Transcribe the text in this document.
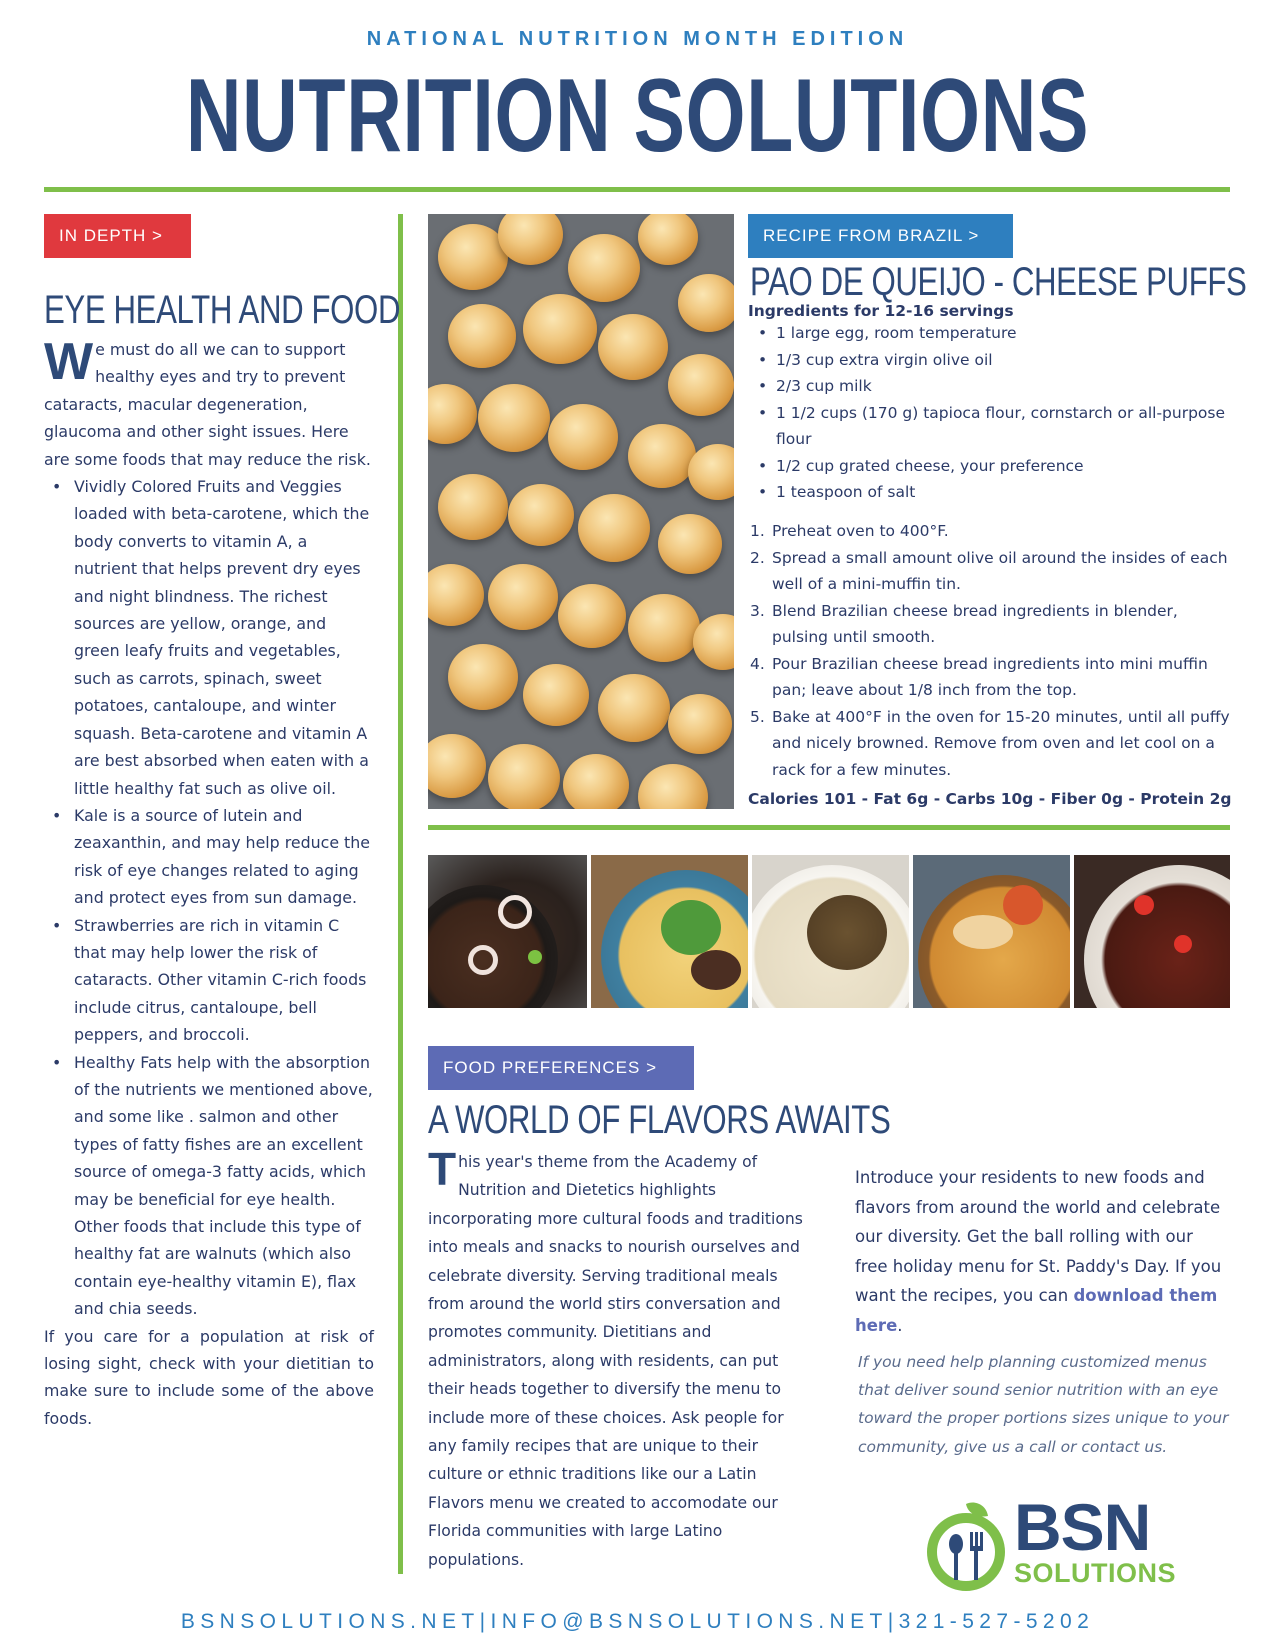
NATIONAL NUTRITION MONTH EDITION
NUTRITION SOLUTIONS
IN DEPTH >
EYE HEALTH AND FOOD

We must do all we can to support healthy eyes and try to prevent cataracts, macular degeneration, glaucoma and other sight issues. Here are some foods that may reduce the risk.

• Vividly Colored Fruits and Veggies loaded with beta-carotene, which the body converts to vitamin A, a nutrient that helps prevent dry eyes and night blindness. The richest sources are yellow, orange, and green leafy fruits and vegetables, such as carrots, spinach, sweet potatoes, cantaloupe, and winter squash. Beta-carotene and vitamin A are best absorbed when eaten with a little healthy fat such as olive oil.
• Kale is a source of lutein and zeaxanthin, and may help reduce the risk of eye changes related to aging and protect eyes from sun damage.
• Strawberries are rich in vitamin C that may help lower the risk of cataracts. Other vitamin C-rich foods include citrus, cantaloupe, bell peppers, and broccoli.
• Healthy Fats help with the absorption of the nutrients we mentioned above, and some like . salmon and other types of fatty fishes are an excellent source of omega-3 fatty acids, which may be beneficial for eye health. Other foods that include this type of healthy fat are walnuts (which also contain eye-healthy vitamin E), flax and chia seeds.

If you care for a population at risk of losing sight, check with your dietitian to make sure to include some of the above foods.

RECIPE FROM BRAZIL >
PAO DE QUEIJO - CHEESE PUFFS
Ingredients for 12-16 servings
• 1 large egg, room temperature
• 1/3 cup extra virgin olive oil
• 2/3 cup milk
• 1 1/2 cups (170 g) tapioca flour, cornstarch or all-purpose flour
• 1/2 cup grated cheese, your preference
• 1 teaspoon of salt
1. Preheat oven to 400°F.
2. Spread a small amount olive oil around the insides of each well of a mini-muffin tin.
3. Blend Brazilian cheese bread ingredients in blender, pulsing until smooth.
4. Pour Brazilian cheese bread ingredients into mini muffin pan; leave about 1/8 inch from the top.
5. Bake at 400°F in the oven for 15-20 minutes, until all puffy and nicely browned. Remove from oven and let cool on a rack for a few minutes.
Calories 101 - Fat 6g - Carbs 10g - Fiber 0g - Protein 2g
FOOD PREFERENCES >
A WORLD OF FLAVORS AWAITS

This year's theme from the Academy of Nutrition and Dietetics highlights incorporating more cultural foods and traditions into meals and snacks to nourish ourselves and celebrate diversity. Serving traditional meals from around the world stirs conversation and promotes community. Dietitians and administrators, along with residents, can put their heads together to diversify the menu to include more of these choices. Ask people for any family recipes that are unique to their culture or ethnic traditions like our a Latin Flavors menu we created to accomodate our Florida communities with large Latino populations.

Introduce your residents to new foods and flavors from around the world and celebrate our diversity. Get the ball rolling with our free holiday menu for St. Paddy's Day. If you want the recipes, you can download them here.
If you need help planning customized menus that deliver sound senior nutrition with an eye toward the proper portions sizes unique to your community, give us a call or contact us.
BSN
SOLUTIONS
BSNSOLUTIONS.NET|INFO@BSNSOLUTIONS.NET|321-527-5202
